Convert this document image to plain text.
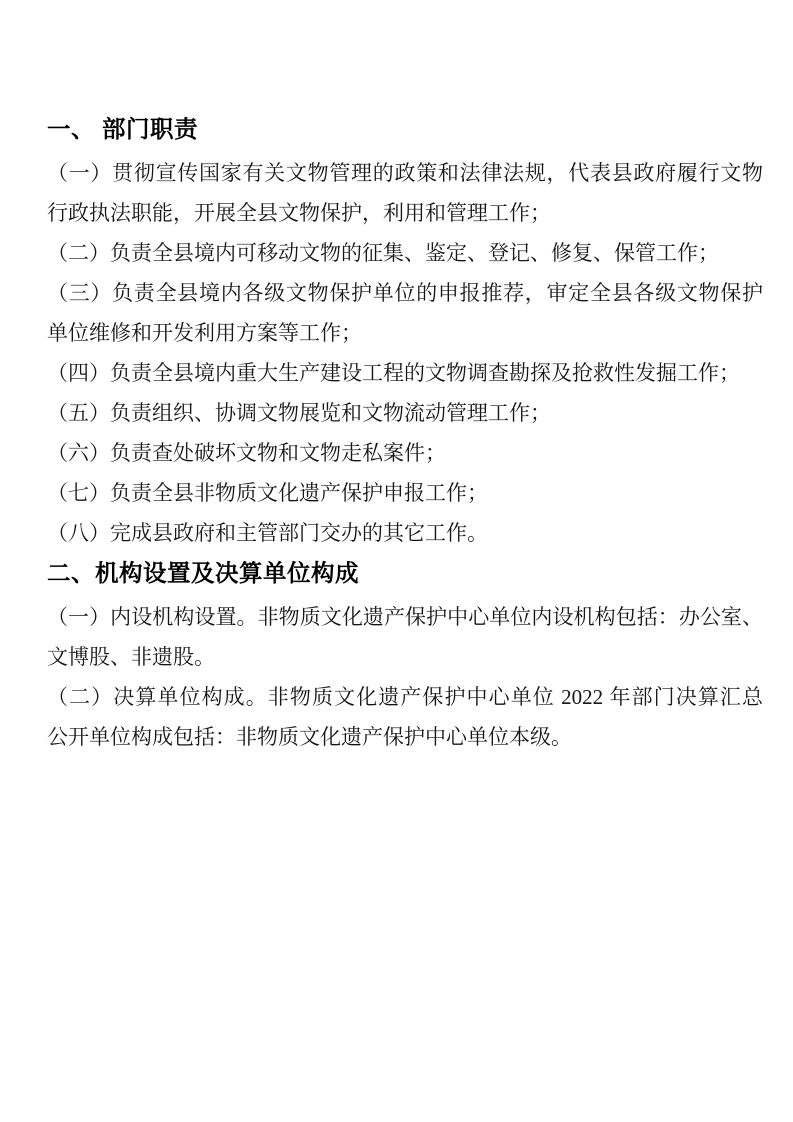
一、 部门职责
（一）贯彻宣传国家有关文物管理的政策和法律法规，代表县政府履行文物
行政执法职能，开展全县文物保护，利用和管理工作；
（二）负责全县境内可移动文物的征集、鉴定、登记、修复、保管工作；
（三）负责全县境内各级文物保护单位的申报推荐，审定全县各级文物保护
单位维修和开发利用方案等工作；
（四）负责全县境内重大生产建设工程的文物调查勘探及抢救性发掘工作；
（五）负责组织、协调文物展览和文物流动管理工作；
（六）负责查处破坏文物和文物走私案件；
（七）负责全县非物质文化遗产保护申报工作；
（八）完成县政府和主管部门交办的其它工作。
二、机构设置及决算单位构成
（一）内设机构设置。非物质文化遗产保护中心单位内设机构包括：办公室、
文博股、非遗股。
（二）决算单位构成。非物质文化遗产保护中心单位 2022 年部门决算汇总
公开单位构成包括：非物质文化遗产保护中心单位本级。
